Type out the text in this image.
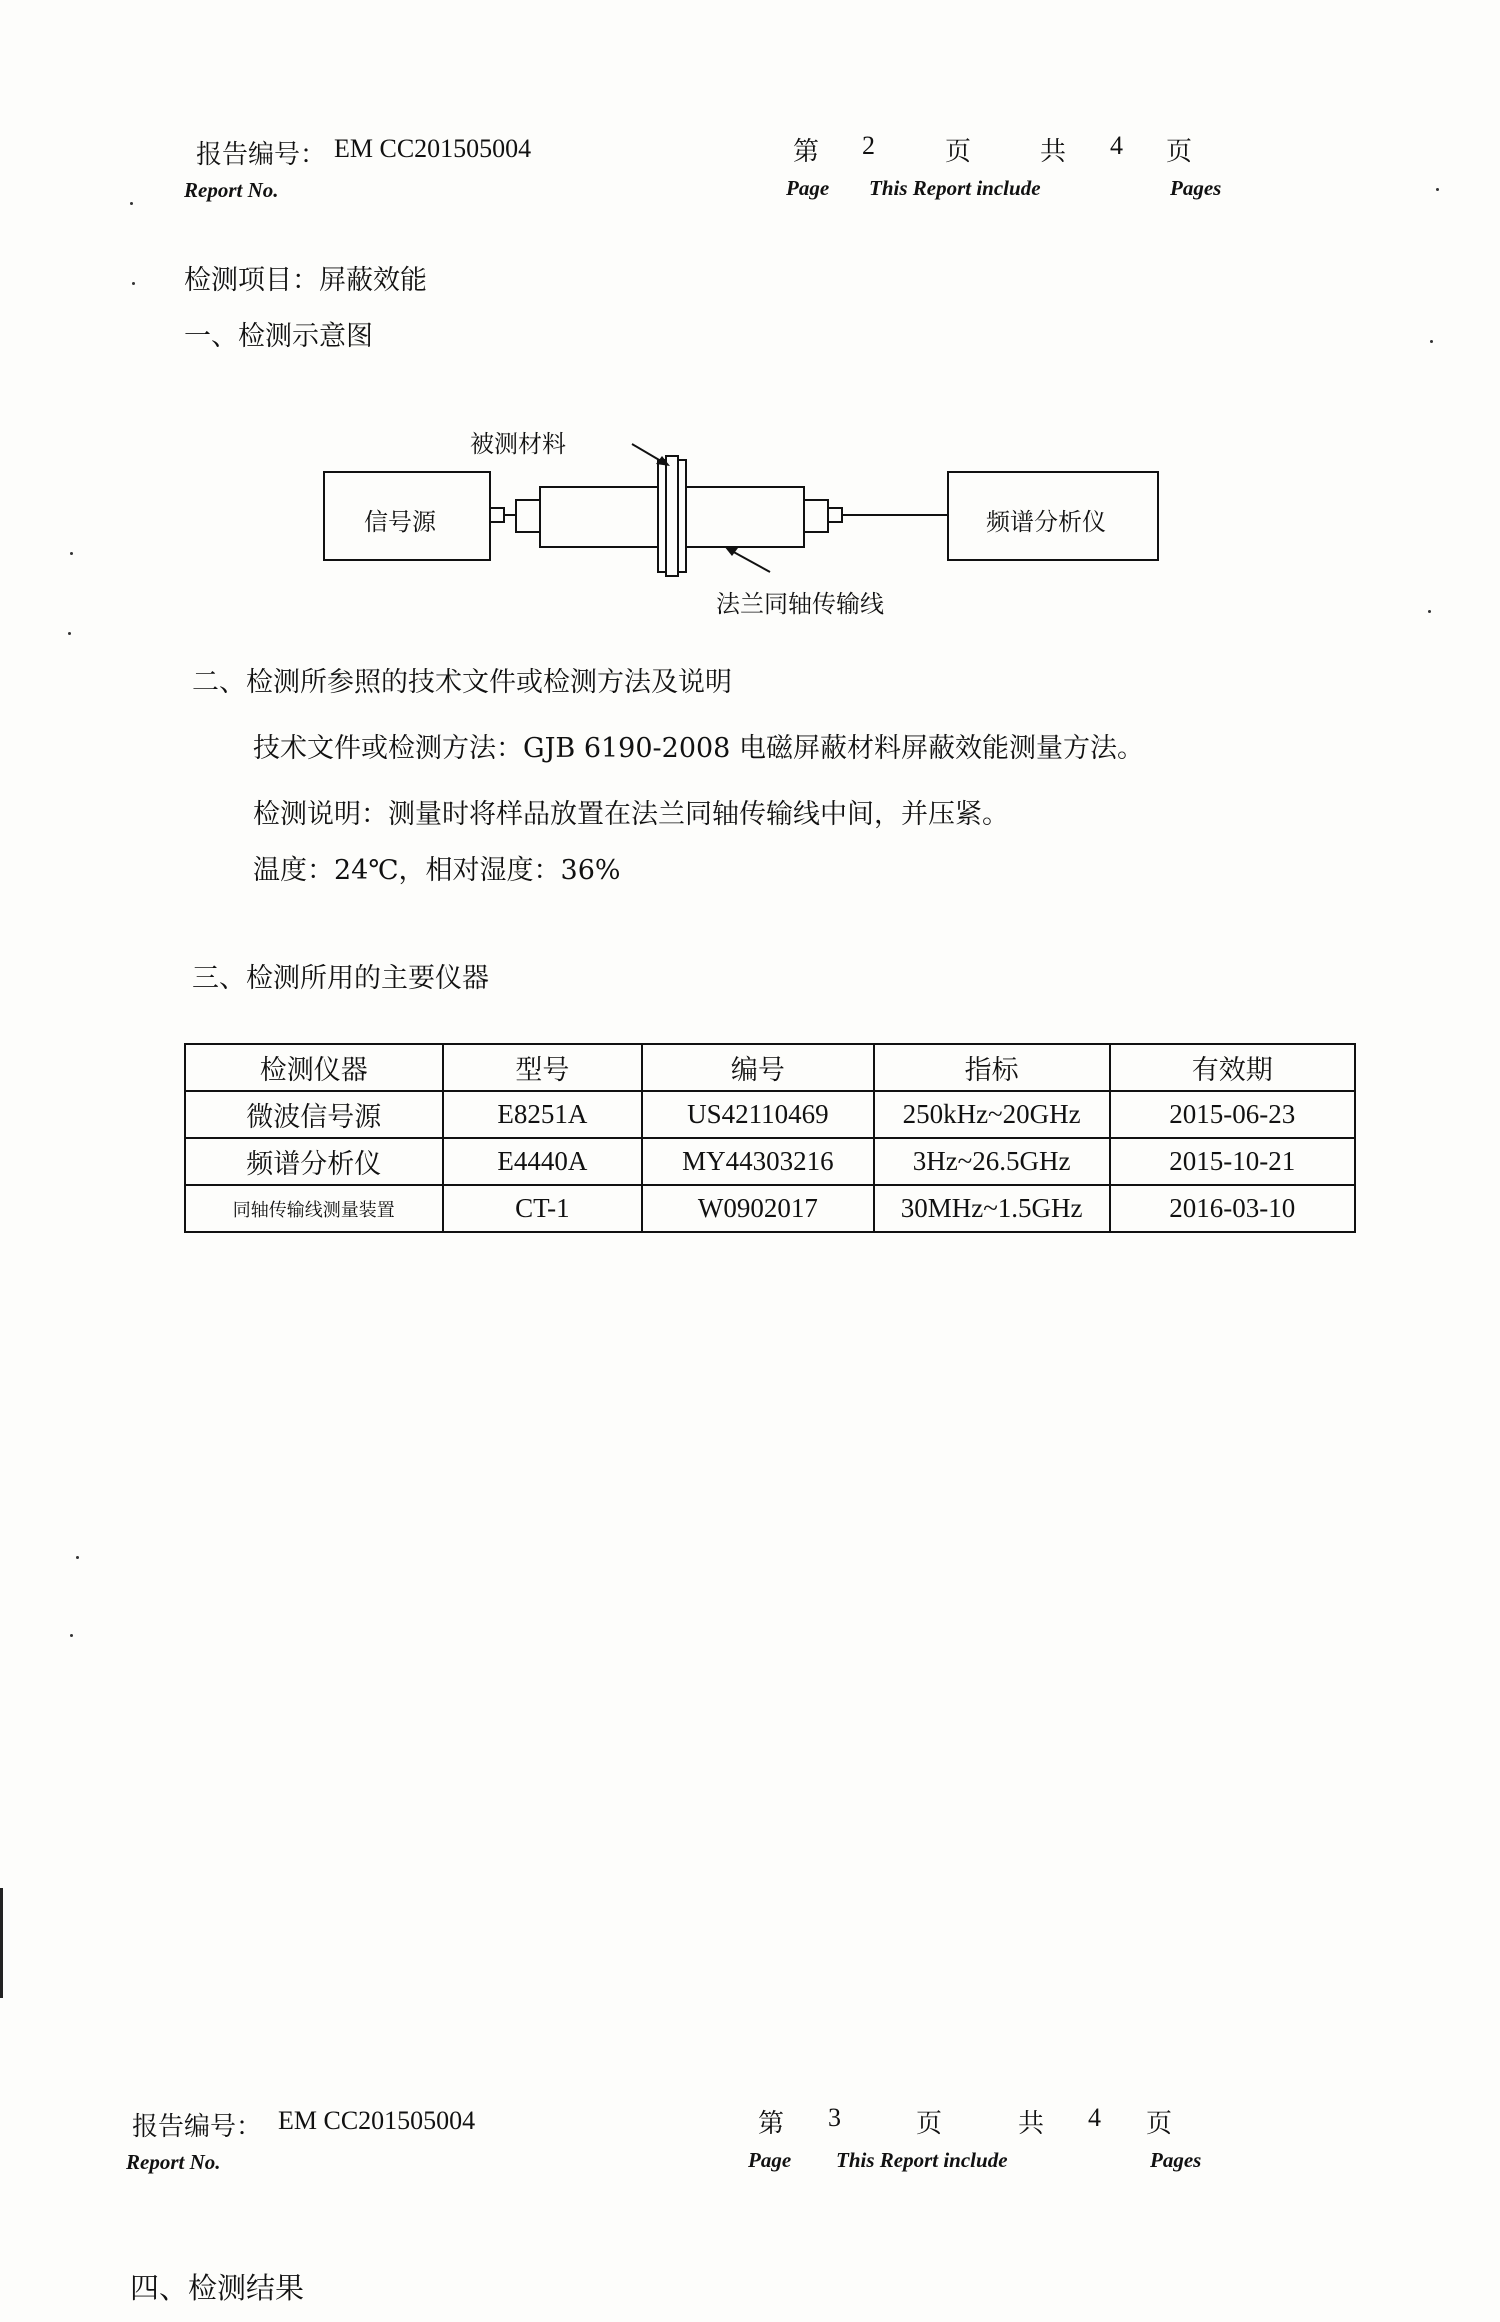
报告编号： EM CC201505004
Report No.
第 2	页	共 4 页
Page This Report include	Pages
检测项目：屏蔽效能
一、检测示意图
被测材料
信号源	频谱分析仪
法兰同轴传输线
二、检测所参照的技术文件或检测方法及说明
技术文件或检测方法：GJB 6190-2008 电磁屏蔽材料屏蔽效能测量方法。
检测说明：测量时将样品放置在法兰同轴传输线中间，并压紧。
温度：24℃，相对湿度：36%
三、检测所用的主要仪器
检测仪器	型号	编号	指标	有效期
微波信号源	E8251A	US42110469	250kHz~20GHz	2015-06-23
频谱分析仪	E4440A	MY44303216	3Hz~26.5GHz	2015-10-21
同轴传输线测量装置	CT-1	W0902017	30MHz~1.5GHz	2016-03-10
报告编号： EM CC201505004
Report No.
第 3	页	共 4 页
Page This Report include	Pages
四、检测结果
